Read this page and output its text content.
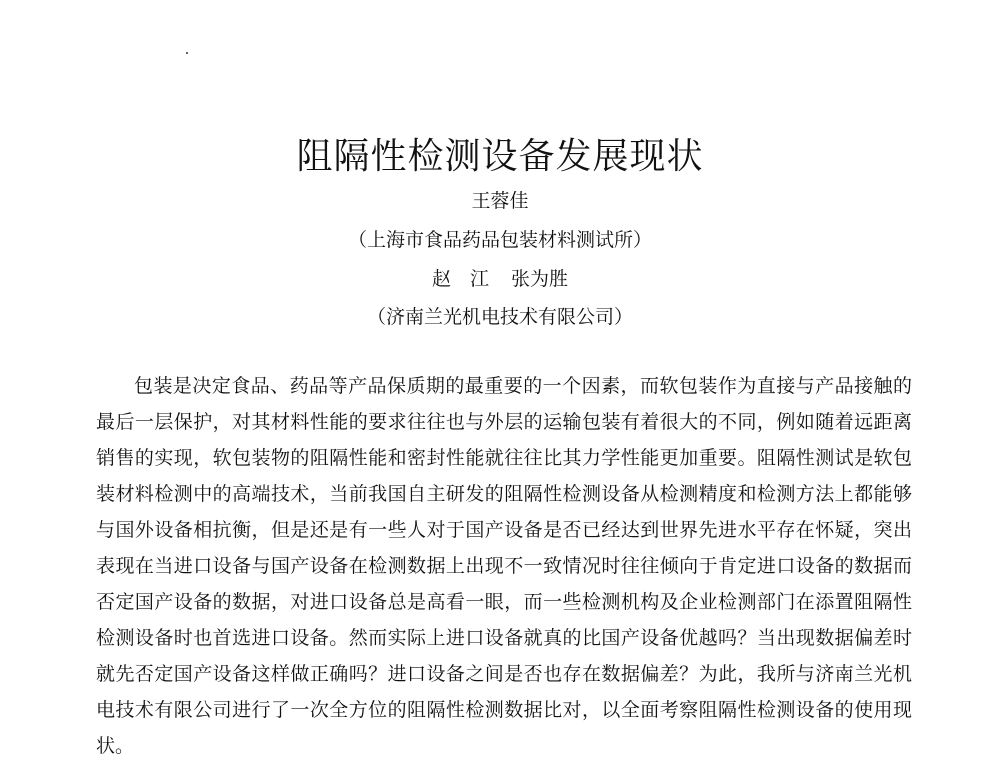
阻隔性检测设备发展现状

王蓉佳

（上海市食品药品包装材料测试所）

赵　江 张为胜

（济南兰光机电技术有限公司）

包装是决定食品、药品等产品保质期的最重要的一个因素，而软包装作为直接与产品接触的最后一层保护，对其材料性能的要求往往也与外层的运输包装有着很大的不同，例如随着远距离销售的实现，软包装物的阻隔性能和密封性能就往往比其力学性能更加重要。阻隔性测试是软包装材料检测中的高端技术，当前我国自主研发的阻隔性检测设备从检测精度和检测方法上都能够与国外设备相抗衡，但是还是有一些人对于国产设备是否已经达到世界先进水平存在怀疑，突出表现在当进口设备与国产设备在检测数据上出现不一致情况时往往倾向于肯定进口设备的数据而否定国产设备的数据，对进口设备总是高看一眼，而一些检测机构及企业检测部门在添置阻隔性检测设备时也首选进口设备。然而实际上进口设备就真的比国产设备优越吗？当出现数据偏差时就先否定国产设备这样做正确吗？进口设备之间是否也存在数据偏差？为此，我所与济南兰光机电技术有限公司进行了一次全方位的阻隔性检测数据比对，以全面考察阻隔性检测设备的使用现状。
